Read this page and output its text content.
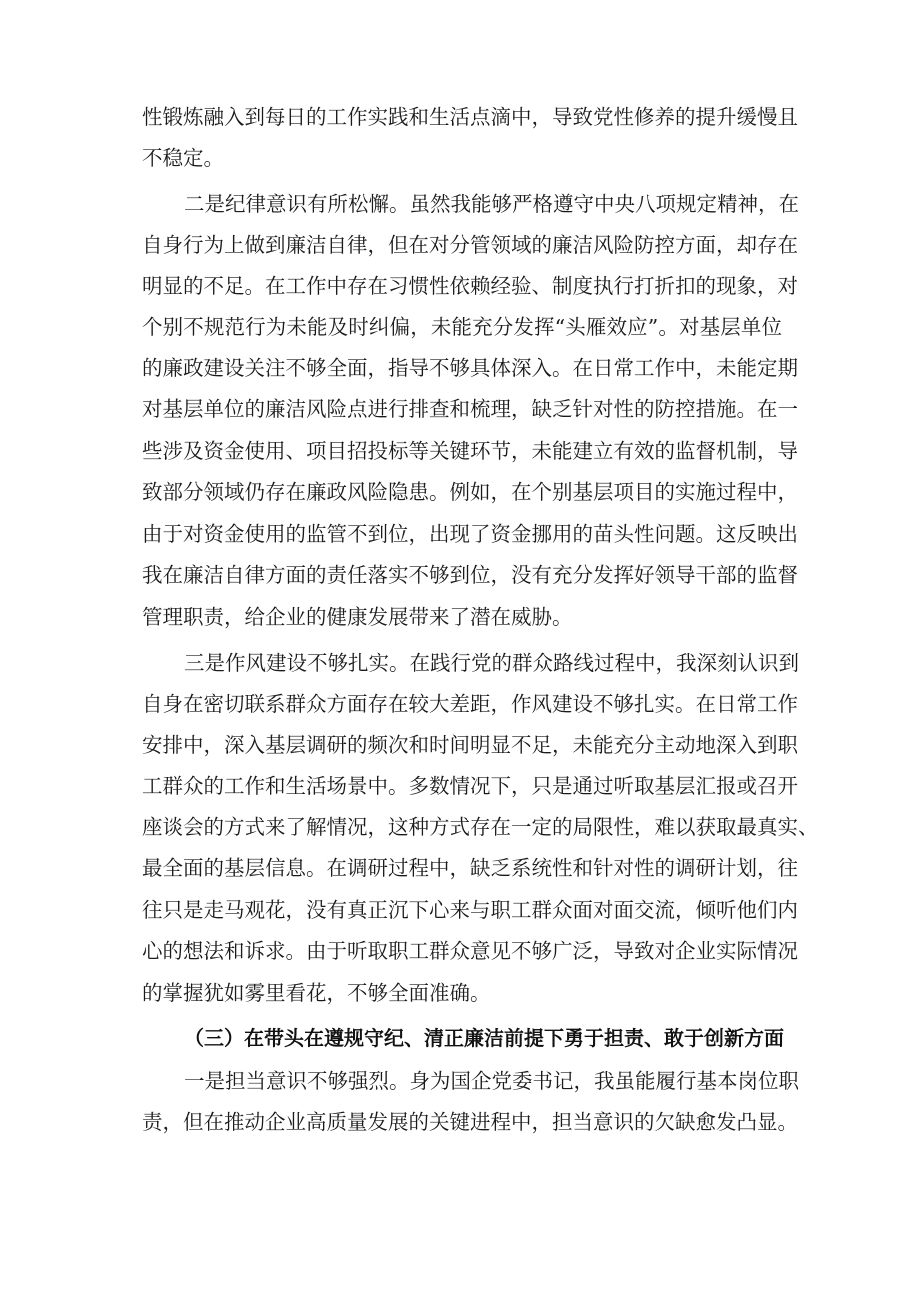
性锻炼融入到每日的工作实践和生活点滴中，导致党性修养的提升缓慢且
不稳定。
二是纪律意识有所松懈。虽然我能够严格遵守中央八项规定精神，在
自身行为上做到廉洁自律，但在对分管领域的廉洁风险防控方面，却存在
明显的不足。在工作中存在习惯性依赖经验、制度执行打折扣的现象，对
个别不规范行为未能及时纠偏，未能充分发挥“头雁效应”。对基层单位
的廉政建设关注不够全面，指导不够具体深入。在日常工作中，未能定期
对基层单位的廉洁风险点进行排查和梳理，缺乏针对性的防控措施。在一
些涉及资金使用、项目招投标等关键环节，未能建立有效的监督机制，导
致部分领域仍存在廉政风险隐患。例如，在个别基层项目的实施过程中，
由于对资金使用的监管不到位，出现了资金挪用的苗头性问题。这反映出
我在廉洁自律方面的责任落实不够到位，没有充分发挥好领导干部的监督
管理职责，给企业的健康发展带来了潜在威胁。
三是作风建设不够扎实。在践行党的群众路线过程中，我深刻认识到
自身在密切联系群众方面存在较大差距，作风建设不够扎实。在日常工作
安排中，深入基层调研的频次和时间明显不足，未能充分主动地深入到职
工群众的工作和生活场景中。多数情况下，只是通过听取基层汇报或召开
座谈会的方式来了解情况，这种方式存在一定的局限性，难以获取最真实、
最全面的基层信息。在调研过程中，缺乏系统性和针对性的调研计划，往
往只是走马观花，没有真正沉下心来与职工群众面对面交流，倾听他们内
心的想法和诉求。由于听取职工群众意见不够广泛，导致对企业实际情况
的掌握犹如雾里看花，不够全面准确。
（三）在带头在遵规守纪、清正廉洁前提下勇于担责、敢于创新方面
一是担当意识不够强烈。身为国企党委书记，我虽能履行基本岗位职
责，但在推动企业高质量发展的关键进程中，担当意识的欠缺愈发凸显。
